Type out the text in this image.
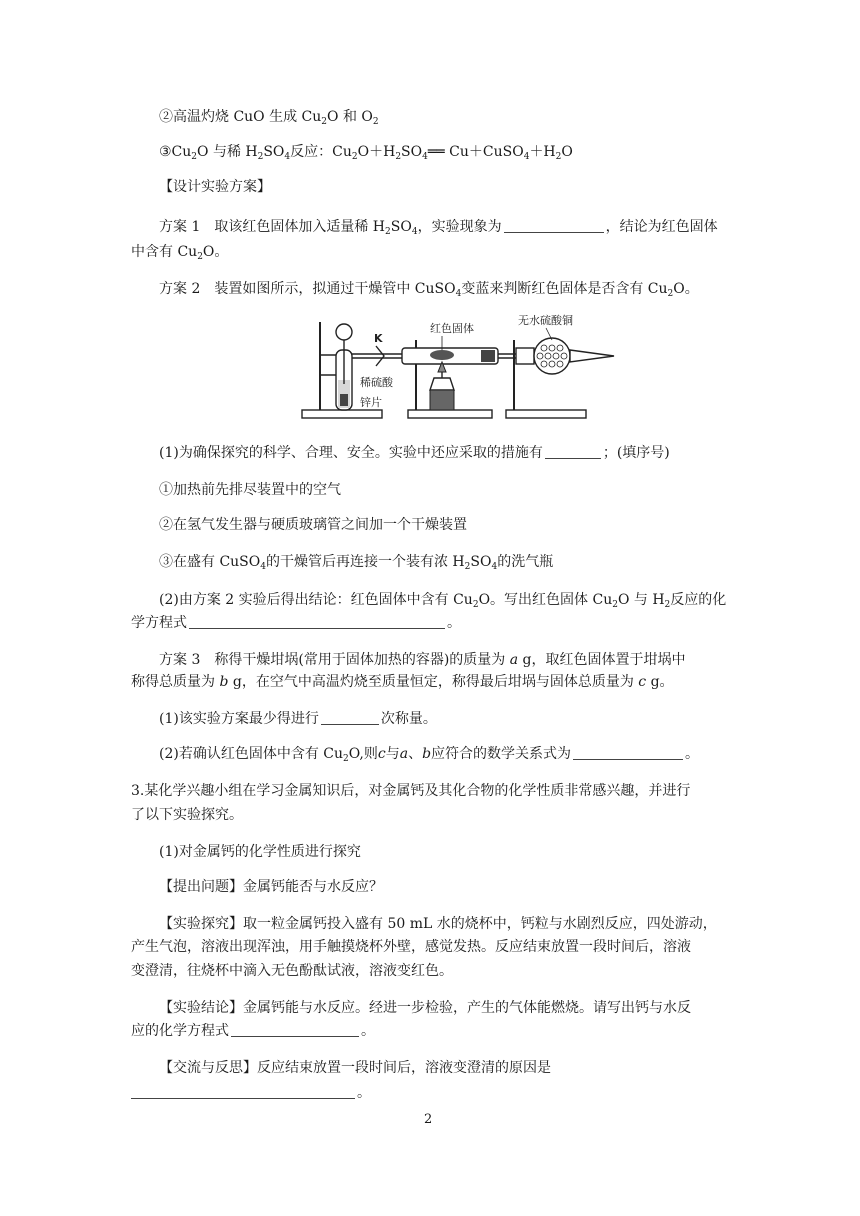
②高温灼烧 CuO 生成 $Cu_2O$ 和 $O_2$
$③Cu_2O$ 与稀 $H_2SO_4$反应：$Cu_2O+H_2SO_4══$ $Cu+CuSO_4+H_2O$
【设计实验方案】
方案 1　取该红色固体加入适量稀 $H_2SO_4$，实验现象为	，结论为红色固体
中含有 $Cu_2O$。
方案 2　装置如图所示，拟通过干燥管中 CuSO$_4$变蓝来判断红色固体是否含有 $Cu_2O$。
K
红色固体
无水硫酸铜
稀硫酸
锌片
(1)为确保探究的科学、合理、安全。实验中还应采取的措施有	；(填序号)
①加热前先排尽装置中的空气
②在氢气发生器与硬质玻璃管之间加一个干燥装置
③在盛有 CuSO$_4$的干燥管后再连接一个装有浓 $H_2SO_4$的洗气瓶
(2)由方案 2 实验后得出结论：红色固体中含有 $Cu_2O$。写出红色固体 $Cu_2O$ 与 $H_2$反应的化
学方程式	。
方案 3　称得干燥坩埚(常用于固体加热的容器)的质量为 a g，取红色固体置于坩埚中
称得总质量为 b g，在空气中高温灼烧至质量恒定，称得最后坩埚与固体总质量为 c g。
(1)该实验方案最少得进行	次称量。
(2)若确认红色固体中含有 $Cu_2O$,则c与a、b应符合的数学关系式为	。
3.某化学兴趣小组在学习金属知识后，对金属钙及其化合物的化学性质非常感兴趣，并进行
了以下实验探究。
(1)对金属钙的化学性质进行探究
【提出问题】金属钙能否与水反应？
【实验探究】取一粒金属钙投入盛有 50 mL 水的烧杯中，钙粒与水剧烈反应，四处游动，
产生气泡，溶液出现浑浊，用手触摸烧杯外壁，感觉发热。反应结束放置一段时间后，溶液
变澄清，往烧杯中滴入无色酚酞试液，溶液变红色。
【实验结论】金属钙能与水反应。经进一步检验，产生的气体能燃烧。请写出钙与水反
应的化学方程式	。
【交流与反思】反应结束放置一段时间后，溶液变澄清的原因是
。
2
